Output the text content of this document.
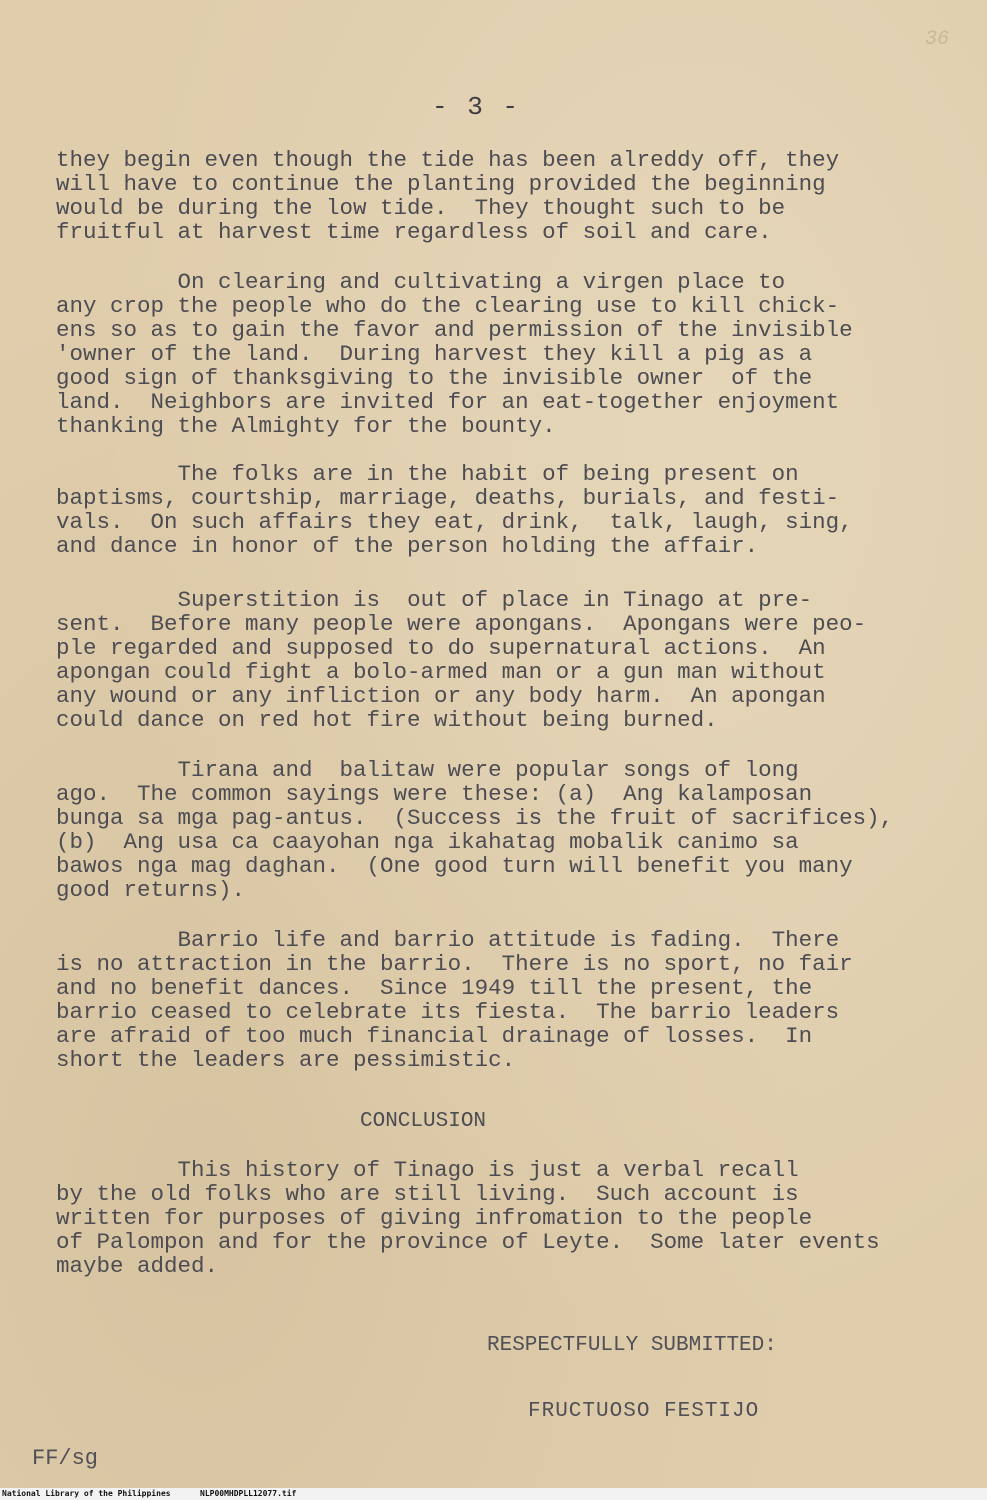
36
- 3 -

they begin even though the tide has been alreddy off, they
will have to continue the planting provided the beginning
would be during the low tide.  They thought such to be
fruitful at harvest time regardless of soil and care.

On clearing and cultivating a virgen place to
any crop the people who do the clearing use to kill chick-
ens so as to gain the favor and permission of the invisible
'owner of the land.  During harvest they kill a pig as a
good sign of thanksgiving to the invisible owner  of the
land.  Neighbors are invited for an eat-together enjoyment
thanking the Almighty for the bounty.

The folks are in the habit of being present on
baptisms, courtship, marriage, deaths, burials, and festi-
vals.  On such affairs they eat, drink,  talk, laugh, sing,
and dance in honor of the person holding the affair.

Superstition is  out of place in Tinago at pre-
sent.  Before many people were apongans.  Apongans were peo-
ple regarded and supposed to do supernatural actions.  An
apongan could fight a bolo-armed man or a gun man without
any wound or any infliction or any body harm.  An apongan
could dance on red hot fire without being burned.

Tirana and  balitaw were popular songs of long
ago.  The common sayings were these: (a)  Ang kalamposan
bunga sa mga pag-antus.  (Success is the fruit of sacrifices),
(b)  Ang usa ca caayohan nga ikahatag mobalik canimo sa
bawos nga mag daghan.  (One good turn will benefit you many
good returns).

Barrio life and barrio attitude is fading.  There
is no attraction in the barrio.  There is no sport, no fair
and no benefit dances.  Since 1949 till the present, the
barrio ceased to celebrate its fiesta.  The barrio leaders
are afraid of too much financial drainage of losses.  In
short the leaders are pessimistic.

CONCLUSION

This history of Tinago is just a verbal recall
by the old folks who are still living.  Such account is
written for purposes of giving infromation to the people
of Palompon and for the province of Leyte.  Some later events
maybe added.

RESPECTFULLY SUBMITTED:
FRUCTUOSO FESTIJO
FF/sg
National Library of the Philippines	NLP00MHDPLL12077.tif
